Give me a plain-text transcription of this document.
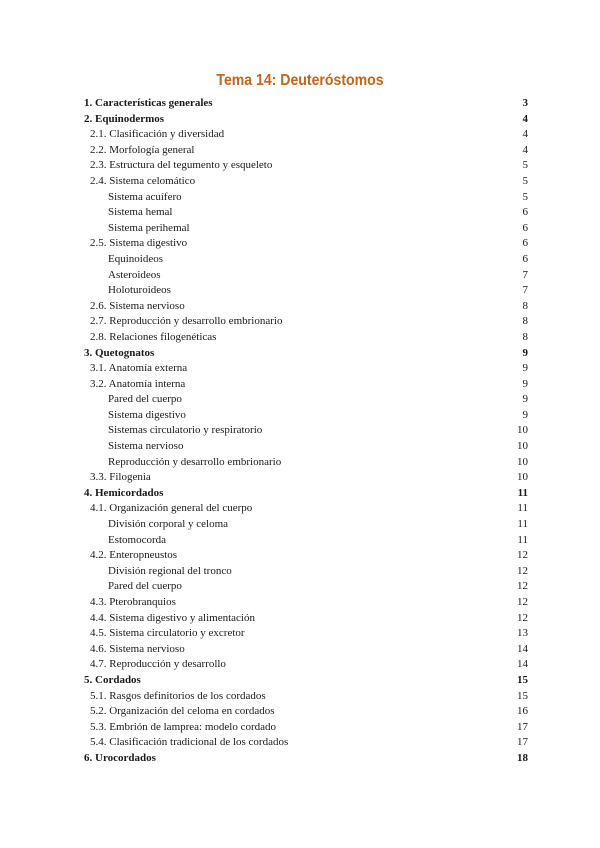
Tema 14: Deuteróstomos
1. Características generales	3
2. Equinodermos	4
2.1. Clasificación y diversidad	4
2.2. Morfología general	4
2.3. Estructura del tegumento y esqueleto	5
2.4. Sistema celomático	5
Sistema acuífero	5
Sistema hemal	6
Sistema perihemal	6
2.5. Sistema digestivo	6
Equinoideos	6
Asteroideos	7
Holoturoideos	7
2.6. Sistema nervioso	8
2.7. Reproducción y desarrollo embrionario	8
2.8. Relaciones filogenéticas	8
3. Quetognatos	9
3.1. Anatomía externa	9
3.2. Anatomía interna	9
Pared del cuerpo	9
Sistema digestivo	9
Sistemas circulatorio y respiratorio	10
Sistema nervioso	10
Reproducción y desarrollo embrionario	10
3.3. Filogenia	10
4. Hemicordados	11
4.1. Organización general del cuerpo	11
División corporal y celoma	11
Estomocorda	11
4.2. Enteropneustos	12
División regional del tronco	12
Pared del cuerpo	12
4.3. Pterobranquios	12
4.4. Sistema digestivo y alimentación	12
4.5. Sistema circulatorio y excretor	13
4.6. Sistema nervioso	14
4.7. Reproducción y desarrollo	14
5. Cordados	15
5.1. Rasgos definitorios de los cordados	15
5.2. Organización del celoma en cordados	16
5.3. Embrión de lamprea: modelo cordado	17
5.4. Clasificación tradicional de los cordados	17
6. Urocordados	18
